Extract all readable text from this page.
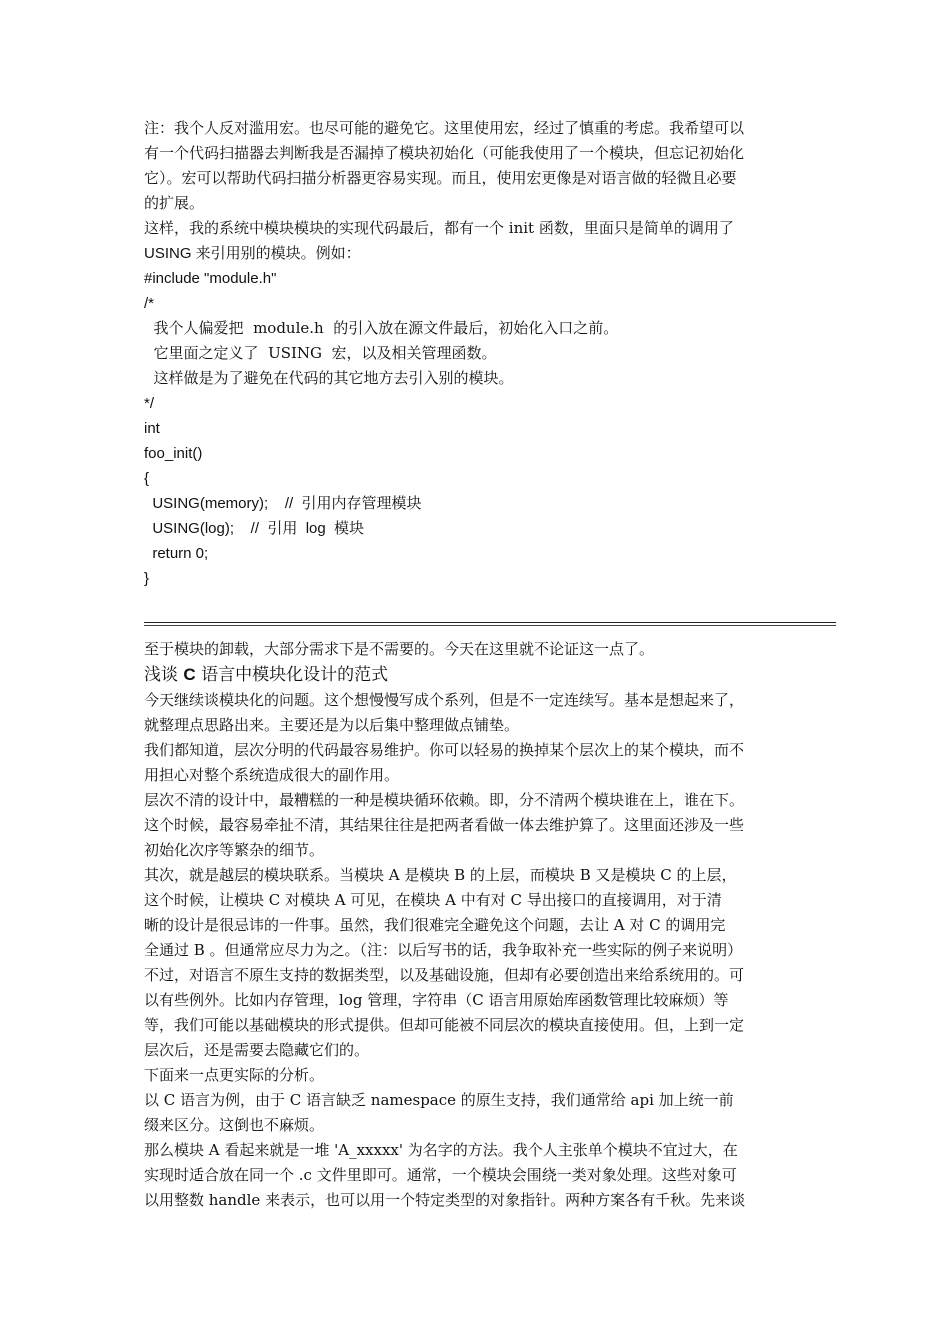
注：我个人反对滥用宏。也尽可能的避免它。这里使用宏，经过了慎重的考虑。我希望可以
有一个代码扫描器去判断我是否漏掉了模块初始化（可能我使用了一个模块，但忘记初始化
它）。宏可以帮助代码扫描分析器更容易实现。而且，使用宏更像是对语言做的轻微且必要
的扩展。
这样，我的系统中模块模块的实现代码最后，都有一个 init 函数，里面只是简单的调用了
USING 来引用别的模块。例如：
#include "module.h"
/*
我个人偏爱把  module.h  的引入放在源文件最后，初始化入口之前。
它里面之定义了  USING  宏，以及相关管理函数。
这样做是为了避免在代码的其它地方去引入别的模块。
*/
int
foo_init()
{
USING(memory);    //  引用内存管理模块
USING(log);    //  引用  log  模块
return 0;
}
至于模块的卸载，大部分需求下是不需要的。今天在这里就不论证这一点了。
浅谈 C 语言中模块化设计的范式
今天继续谈模块化的问题。这个想慢慢写成个系列，但是不一定连续写。基本是想起来了，
就整理点思路出来。主要还是为以后集中整理做点铺垫。
我们都知道，层次分明的代码最容易维护。你可以轻易的换掉某个层次上的某个模块，而不
用担心对整个系统造成很大的副作用。
层次不清的设计中，最糟糕的一种是模块循环依赖。即，分不清两个模块谁在上，谁在下。
这个时候，最容易牵扯不清，其结果往往是把两者看做一体去维护算了。这里面还涉及一些
初始化次序等繁杂的细节。
其次，就是越层的模块联系。当模块 A 是模块 B 的上层，而模块 B 又是模块 C 的上层，
这个时候，让模块 C 对模块 A 可见，在模块 A 中有对 C 导出接口的直接调用，对于清
晰的设计是很忌讳的一件事。虽然，我们很难完全避免这个问题，去让 A 对 C 的调用完
全通过 B 。但通常应尽力为之。（注：以后写书的话，我争取补充一些实际的例子来说明）
不过，对语言不原生支持的数据类型，以及基础设施，但却有必要创造出来给系统用的。可
以有些例外。比如内存管理，log 管理，字符串（C 语言用原始库函数管理比较麻烦）等
等，我们可能以基础模块的形式提供。但却可能被不同层次的模块直接使用。但，上到一定
层次后，还是需要去隐藏它们的。
下面来一点更实际的分析。
以 C 语言为例，由于 C 语言缺乏 namespace 的原生支持，我们通常给 api 加上统一前
缀来区分。这倒也不麻烦。
那么模块 A 看起来就是一堆 'A_xxxxx' 为名字的方法。我个人主张单个模块不宜过大，在
实现时适合放在同一个 .c 文件里即可。通常，一个模块会围绕一类对象处理。这些对象可
以用整数 handle 来表示，也可以用一个特定类型的对象指针。两种方案各有千秋。先来谈
